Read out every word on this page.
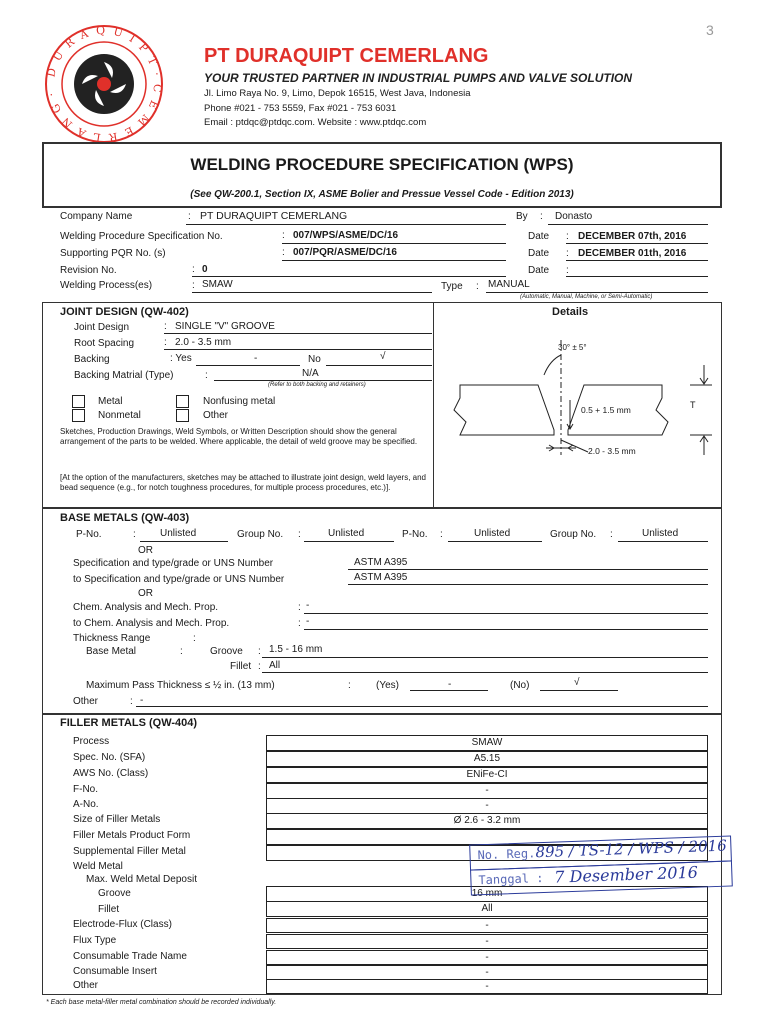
D U R A Q U I P T · C E M E R L A N G ·
PT DURAQUIPT CEMERLANG
YOUR TRUSTED PARTNER IN INDUSTRIAL PUMPS AND VALVE SOLUTION
Jl. Limo Raya No. 9, Limo, Depok 16515, West Java, Indonesia
Phone #021 - 753 5559, Fax #021 - 753 6031
Email : ptdqc@ptdqc.com. Website : www.ptdqc.com
3
WELDING PROCEDURE SPECIFICATION (WPS)
(See QW-200.1, Section IX, ASME Bolier and Pressue Vessel Code - Edition 2013)
Company Name	: PT DURAQUIPT CEMERLANG	By : Donasto
Welding Procedure Specification No.	: 007/WPS/ASME/DC/16	Date : DECEMBER 07th, 2016
Supporting PQR No. (s)	: 007/PQR/ASME/DC/16	Date : DECEMBER 01th, 2016
Revision No.	: 0	Date :
Welding Process(es)	: SMAW	Type : MANUAL
(Automatic, Manual, Machine, or Semi-Automatic)
JOINT DESIGN (QW-402)	Details
Joint Design	: SINGLE "V" GROOVE
Root Spacing	: 2.0 - 3.5 mm
Backing	: Yes	-	No	√
Backing Matrial (Type)	:	N/A
(Refer to both backing and retainers)
Metal	Nonfusing metal
Nonmetal	Other
Sketches, Production Drawings, Weld Symbols, or Written Description should show the general arrangement of the parts to be welded. Where applicable, the detail of weld groove may be specified.
[At the option of the manufacturers, sketches may be attached to illustrate joint design, weld layers, and bead sequence (e.g., for notch toughness procedures, for multiple process procedures, etc.)].
30° ± 5°
0.5 + 1.5 mm
2.0 - 3.5 mm
T
BASE METALS (QW-403)
P-No.	: Unlisted	Group No. :	Unlisted	P-No. :	Unlisted	Group No. :	Unlisted
OR
Specification and type/grade or UNS Number	ASTM A395
to Specification and type/grade or UNS Number	ASTM A395
OR
Chem. Analysis and Mech. Prop.	: -
to Chem. Analysis and Mech. Prop.	: -
Thickness Range	:
Base Metal	:	Groove : 1.5 - 16 mm
Fillet : All
Maximum Pass Thickness ≤ ½ in. (13 mm)	:	(Yes)	-	(No)	√
Other	: -
FILLER METALS (QW-404)
Process	SMAW
Spec. No. (SFA)	A5.15
AWS No. (Class)	ENiFe-CI
F-No.	-
A-No.	-
Size of Filler Metals	Ø 2.6 - 3.2 mm
Filler Metals Product Form
Supplemental Filler Metal
Weld Metal
Max. Weld Metal Deposit
Groove	16 mm
Fillet	All
Electrode-Flux (Class)	-
Flux Type	-
Consumable Trade Name	-
Consumable Insert	-
Other	-
* Each base metal-filler metal combination should be recorded individually.
No. Reg. 895 / TS-12 / WPS / 2016
Tanggal : 7 Desember 2016
